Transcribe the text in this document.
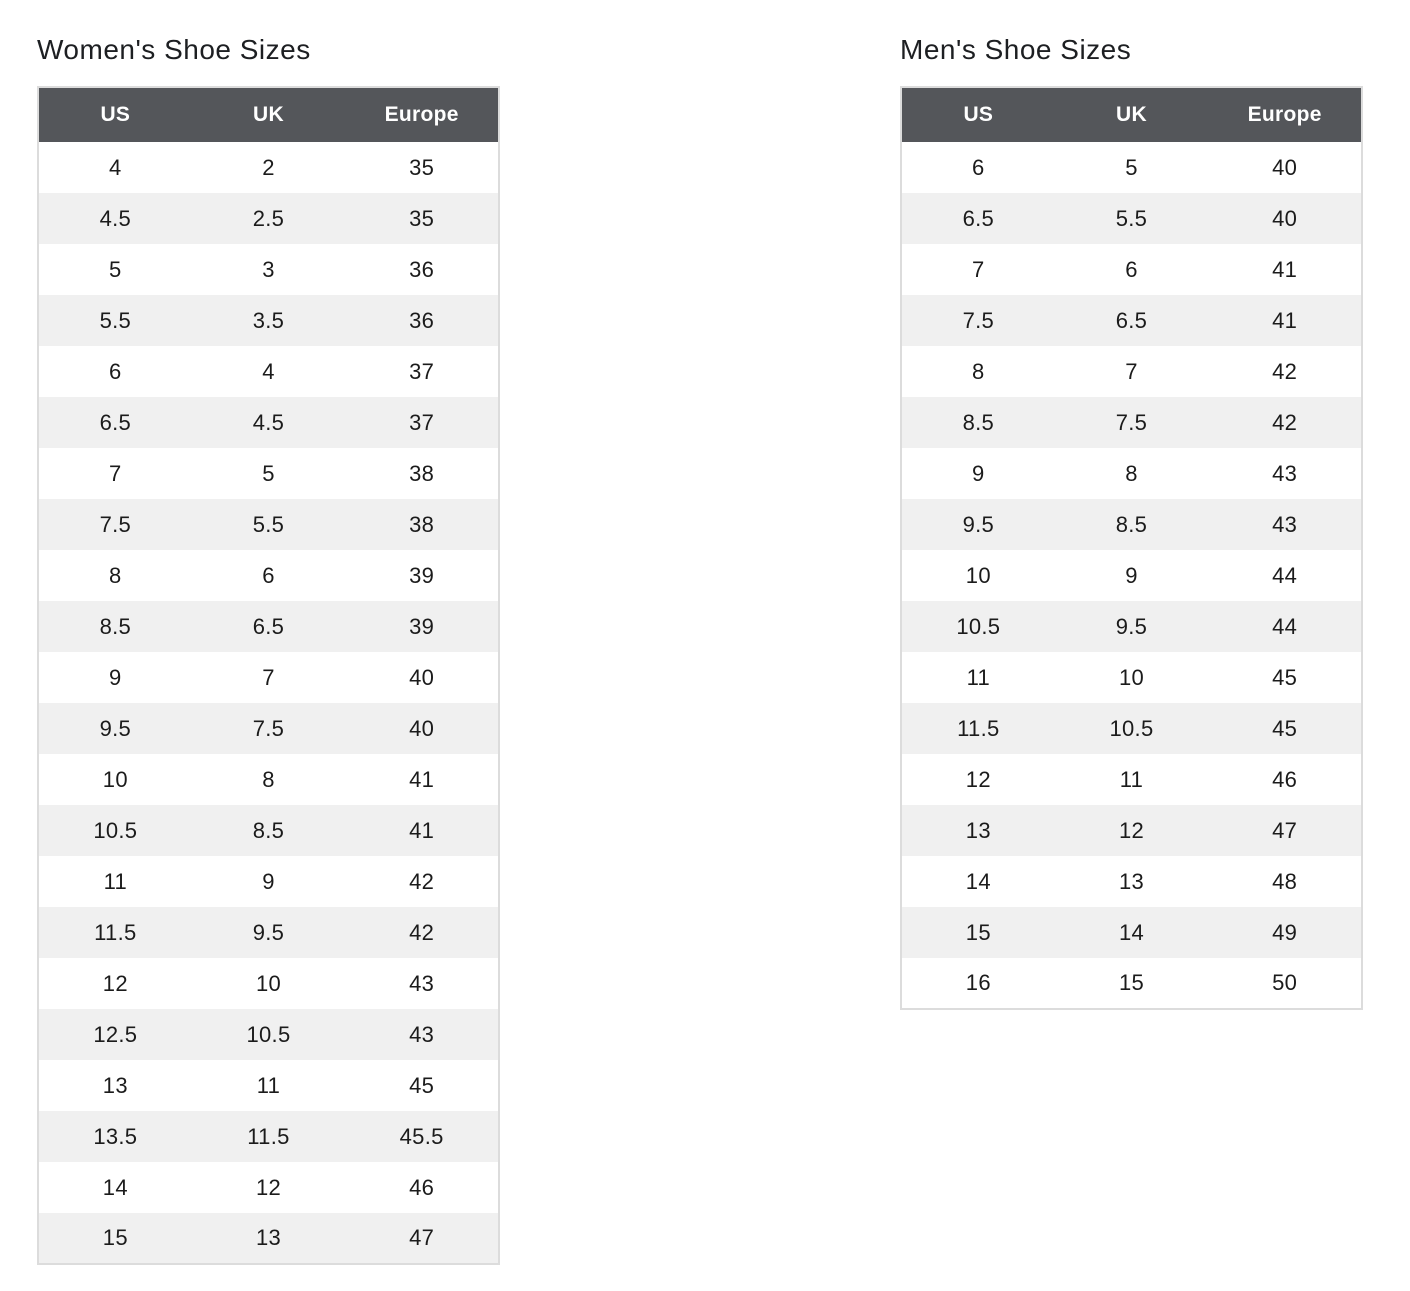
Women's Shoe Sizes
US	UK	Europe
4	2	35
4.5	2.5	35
5	3	36
5.5	3.5	36
6	4	37
6.5	4.5	37
7	5	38
7.5	5.5	38
8	6	39
8.5	6.5	39
9	7	40
9.5	7.5	40
10	8	41
10.5	8.5	41
11	9	42
11.5	9.5	42
12	10	43
12.5	10.5	43
13	11	45
13.5	11.5	45.5
14	12	46
15	13	47
Men's Shoe Sizes
US	UK	Europe
6	5	40
6.5	5.5	40
7	6	41
7.5	6.5	41
8	7	42
8.5	7.5	42
9	8	43
9.5	8.5	43
10	9	44
10.5	9.5	44
11	10	45
11.5	10.5	45
12	11	46
13	12	47
14	13	48
15	14	49
16	15	50
